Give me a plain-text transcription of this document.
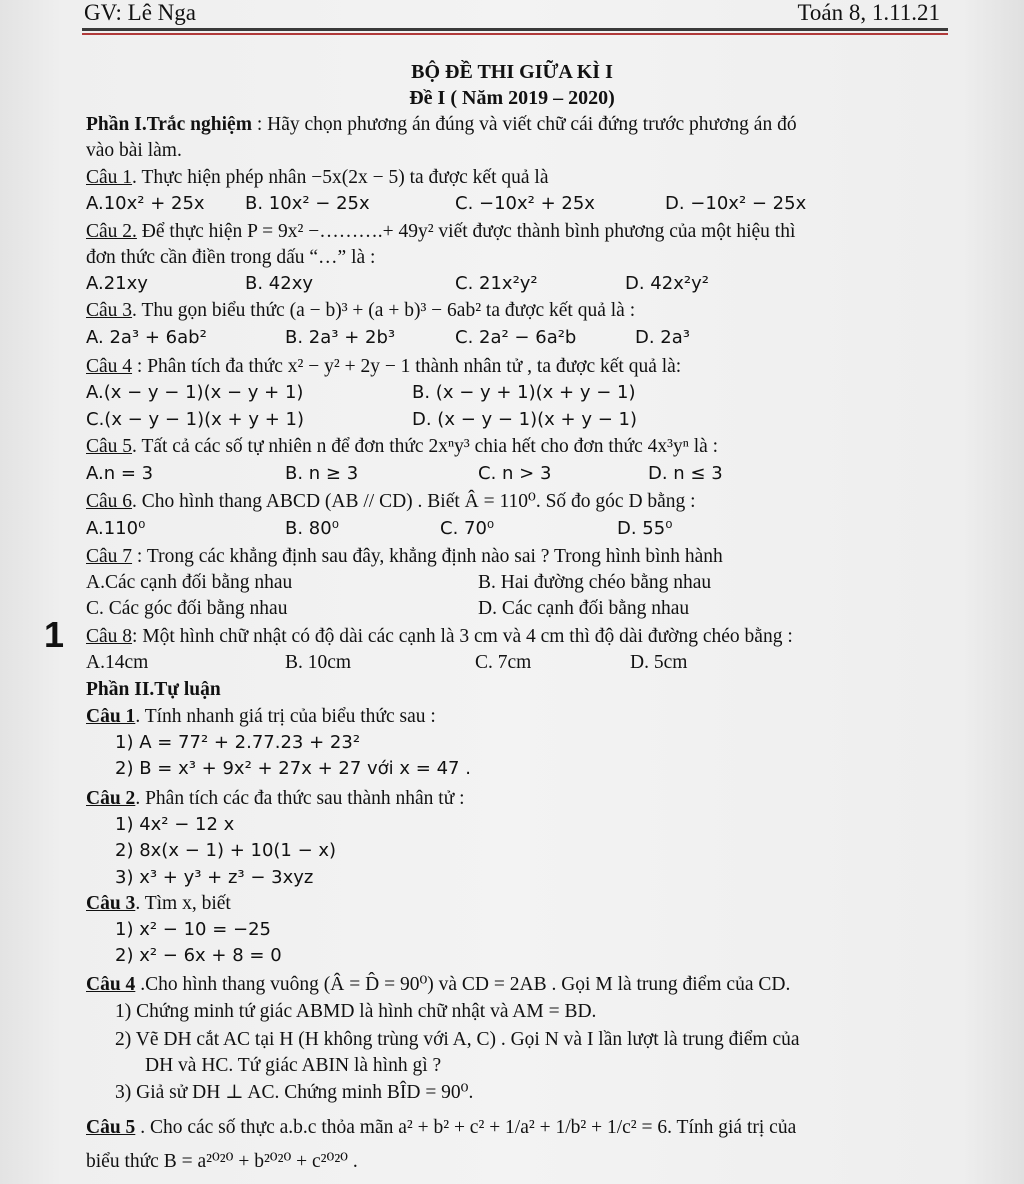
GV: Lê Nga	Toán 8, 1.11.21
BỘ ĐỀ THI GIỮA KÌ I
Đề I ( Năm 2019 – 2020)
Phần I.Trắc nghiệm : Hãy chọn phương án đúng và viết chữ cái đứng trước phương án đó
vào bài làm.
Câu 1. Thực hiện phép nhân −5x(2x − 5) ta được kết quả là
A.10x² + 25x B. 10x² − 25x	C. −10x² + 25x	D. −10x² − 25x
Câu 2. Để thực hiện P = 9x² −……….+ 49y² viết được thành bình phương của một hiệu thì
đơn thức cần điền trong dấu “…” là :
A.21xy	B. 42xy	C. 21x²y²	D. 42x²y²
Câu 3. Thu gọn biểu thức (a − b)³ + (a + b)³ − 6ab² ta được kết quả là :
A. 2a³ + 6ab²	B. 2a³ + 2b³	C. 2a² − 6a²b	D. 2a³
Câu 4 : Phân tích đa thức x² − y² + 2y − 1 thành nhân tử , ta được kết quả là:
A.(x − y − 1)(x − y + 1)	B. (x − y + 1)(x + y − 1)
C.(x − y − 1)(x + y + 1)	D. (x − y − 1)(x + y − 1)
Câu 5. Tất cả các số tự nhiên n để đơn thức 2xⁿy³ chia hết cho đơn thức 4x³yⁿ là :
A.n = 3	B. n ≥ 3	C. n > 3	D. n ≤ 3
Câu 6. Cho hình thang ABCD (AB // CD) . Biết Â = 110⁰. Số đo góc D bằng :
A.110⁰	B. 80⁰	C. 70⁰	D. 55⁰
Câu 7 : Trong các khẳng định sau đây, khẳng định nào sai ? Trong hình bình hành
A.Các cạnh đối bằng nhau	B. Hai đường chéo bằng nhau
C. Các góc đối bằng nhau	D. Các cạnh đối bằng nhau
1 Câu 8: Một hình chữ nhật có độ dài các cạnh là 3 cm và 4 cm thì độ dài đường chéo bằng :
A.14cm	B. 10cm	C. 7cm	D. 5cm
Phần II.Tự luận
Câu 1. Tính nhanh giá trị của biểu thức sau :
1) A = 77² + 2.77.23 + 23²
2) B = x³ + 9x² + 27x + 27 với x = 47 .
Câu 2. Phân tích các đa thức sau thành nhân tử :
1) 4x² − 12 x
2) 8x(x − 1) + 10(1 − x)
3) x³ + y³ + z³ − 3xyz
Câu 3. Tìm x, biết
1) x² − 10 = −25
2) x² − 6x + 8 = 0
Câu 4 .Cho hình thang vuông (Â = D̂ = 90⁰) và CD = 2AB . Gọi M là trung điểm của CD.
1) Chứng minh tứ giác ABMD là hình chữ nhật và AM = BD.
2) Vẽ DH cắt AC tại H (H không trùng với A, C) . Gọi N và I lần lượt là trung điểm của
DH và HC. Tứ giác ABIN là hình gì ?
3) Giả sử DH ⊥ AC. Chứng minh BÎD = 90⁰.
Câu 5 . Cho các số thực a.b.c thỏa mãn a² + b² + c² + 1/a² + 1/b² + 1/c² = 6. Tính giá trị của
biểu thức B = a²⁰²⁰ + b²⁰²⁰ + c²⁰²⁰ .
